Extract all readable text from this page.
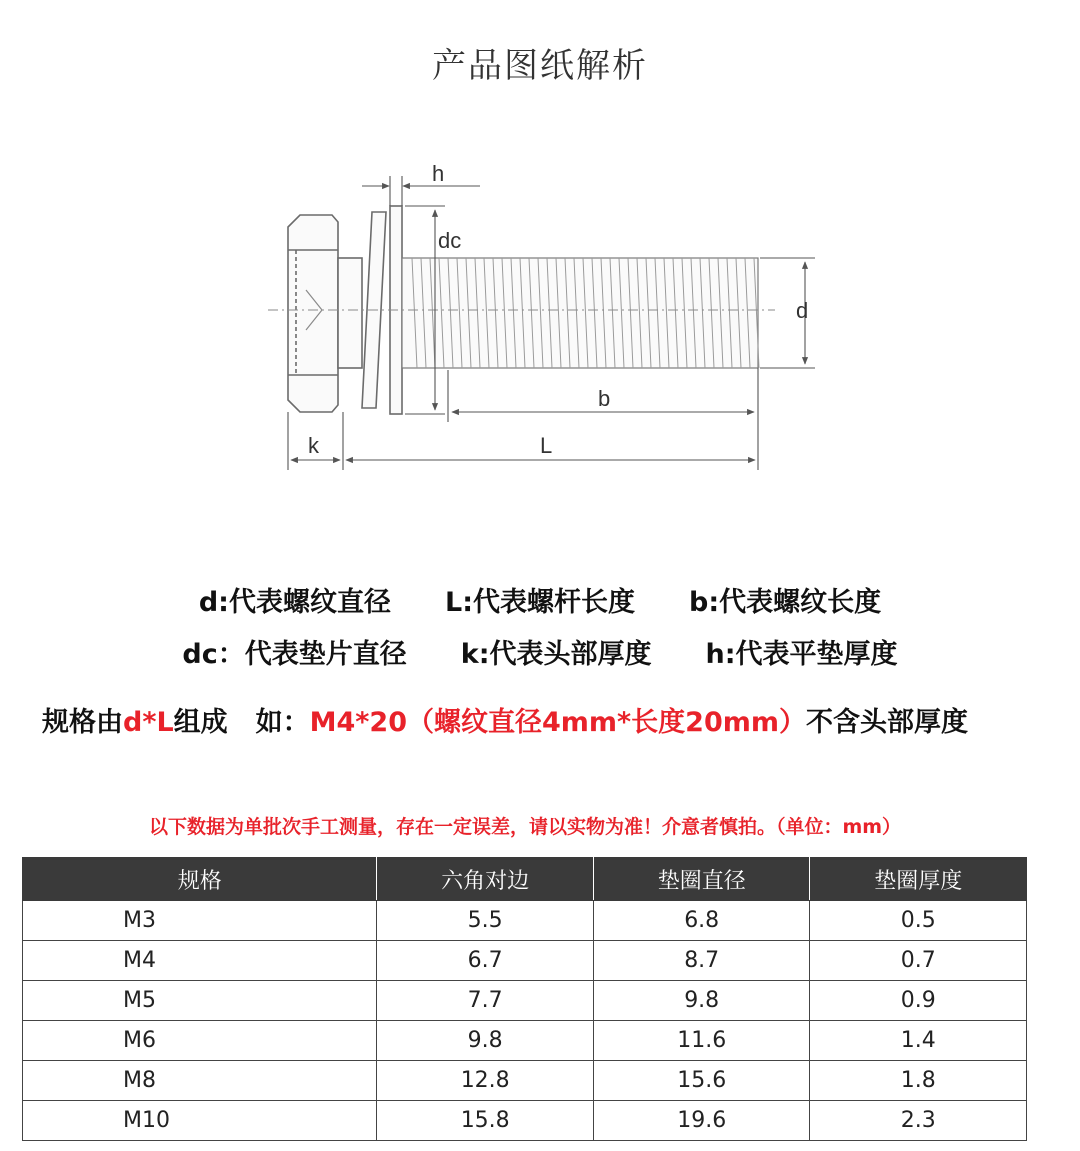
产品图纸解析
h
dc
d
b
k	L
d:代表螺纹直径 L:代表螺杆长度 b:代表螺纹长度
dc：代表垫片直径 k:代表头部厚度 h:代表平垫厚度
规格由d*L组成 如：M4*20（螺纹直径4mm*长度20mm）不含头部厚度
以下数据为单批次手工测量，存在一定误差，请以实物为准！介意者慎拍。（单位：mm）
规格	六角对边	垫圈直径	垫圈厚度
M3	5.5	6.8	0.5
M4	6.7	8.7	0.7
M5	7.7	9.8	0.9
M6	9.8	11.6	1.4
M8	12.8	15.6	1.8
M10	15.8	19.6	2.3
